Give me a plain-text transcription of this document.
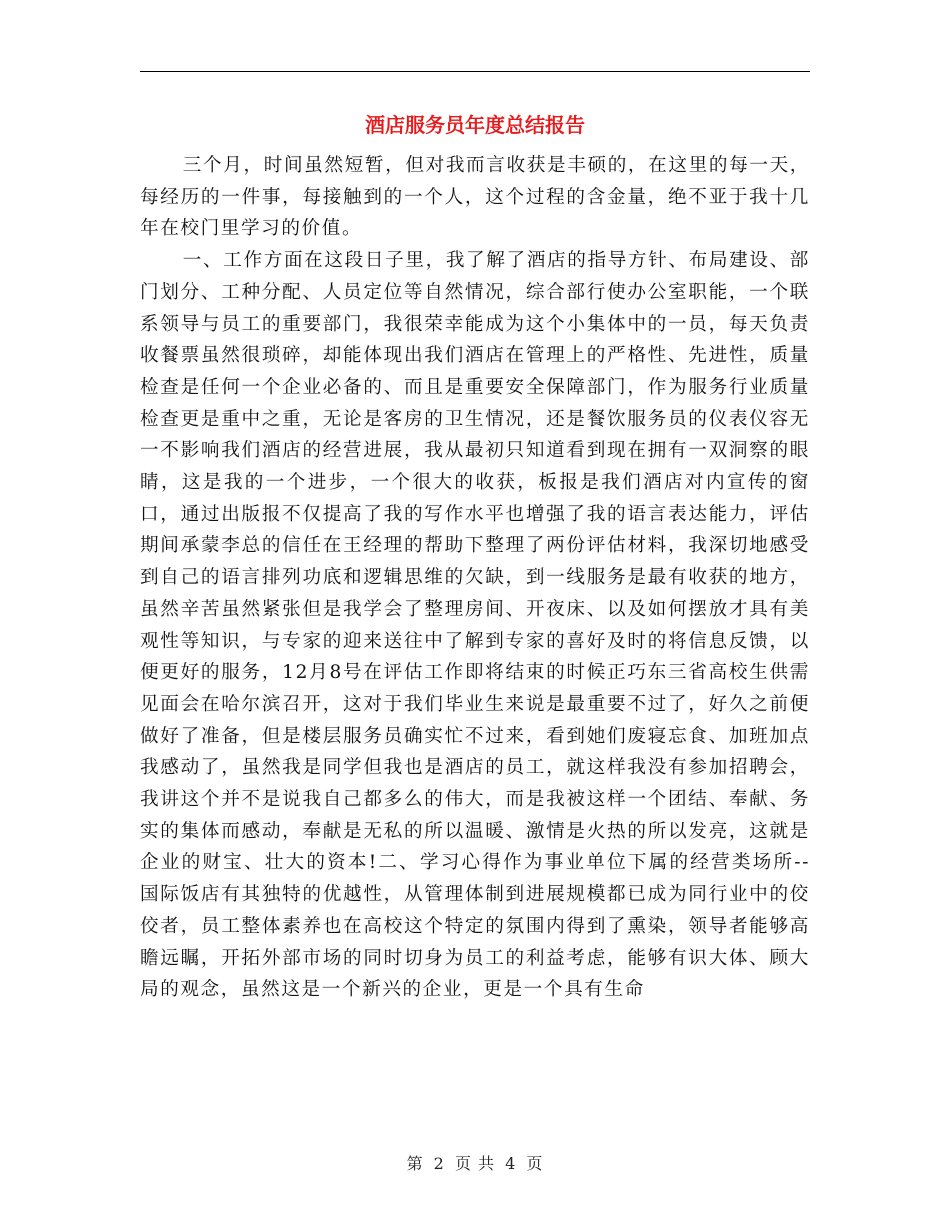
酒店服务员年度总结报告

三个月，时间虽然短暂，但对我而言收获是丰硕的，在这里的每一天，每经历的一件事，每接触到的一个人，这个过程的含金量，绝不亚于我十几年在校门里学习的价值。

一、工作方面在这段日子里，我了解了酒店的指导方针、布局建设、部门划分、工种分配、人员定位等自然情况，综合部行使办公室职能，一个联系领导与员工的重要部门，我很荣幸能成为这个小集体中的一员，每天负责收餐票虽然很琐碎，却能体现出我们酒店在管理上的严格性、先进性，质量检查是任何一个企业必备的、而且是重要安全保障部门，作为服务行业质量检查更是重中之重，无论是客房的卫生情况，还是餐饮服务员的仪表仪容无一不影响我们酒店的经营进展，我从最初只知道看到现在拥有一双洞察的眼睛，这是我的一个进步，一个很大的收获，板报是我们酒店对内宣传的窗口，通过出版报不仅提高了我的写作水平也增强了我的语言表达能力，评估期间承蒙李总的信任在王经理的帮助下整理了两份评估材料，我深切地感受到自己的语言排列功底和逻辑思维的欠缺，到一线服务是最有收获的地方，虽然辛苦虽然紧张但是我学会了整理房间、开夜床、以及如何摆放才具有美观性等知识，与专家的迎来送往中了解到专家的喜好及时的将信息反馈，以便更好的服务，12月8号在评估工作即将结束的时候正巧东三省高校生供需见面会在哈尔滨召开，这对于我们毕业生来说是最重要不过了，好久之前便做好了准备，但是楼层服务员确实忙不过来，看到她们废寝忘食、加班加点我感动了，虽然我是同学但我也是酒店的员工，就这样我没有参加招聘会，我讲这个并不是说我自己都多么的伟大，而是我被这样一个团结、奉献、务实的集体而感动，奉献是无私的所以温暖、激情是火热的所以发亮，这就是企业的财宝、壮大的资本!二、学习心得作为事业单位下属的经营类场所--国际饭店有其独特的优越性，从管理体制到进展规模都已成为同行业中的佼佼者，员工整体素养也在高校这个特定的氛围内得到了熏染，领导者能够高瞻远瞩，开拓外部市场的同时切身为员工的利益考虑，能够有识大体、顾大局的观念，虽然这是一个新兴的企业，更是一个具有生命

第 2 页 共 4 页
